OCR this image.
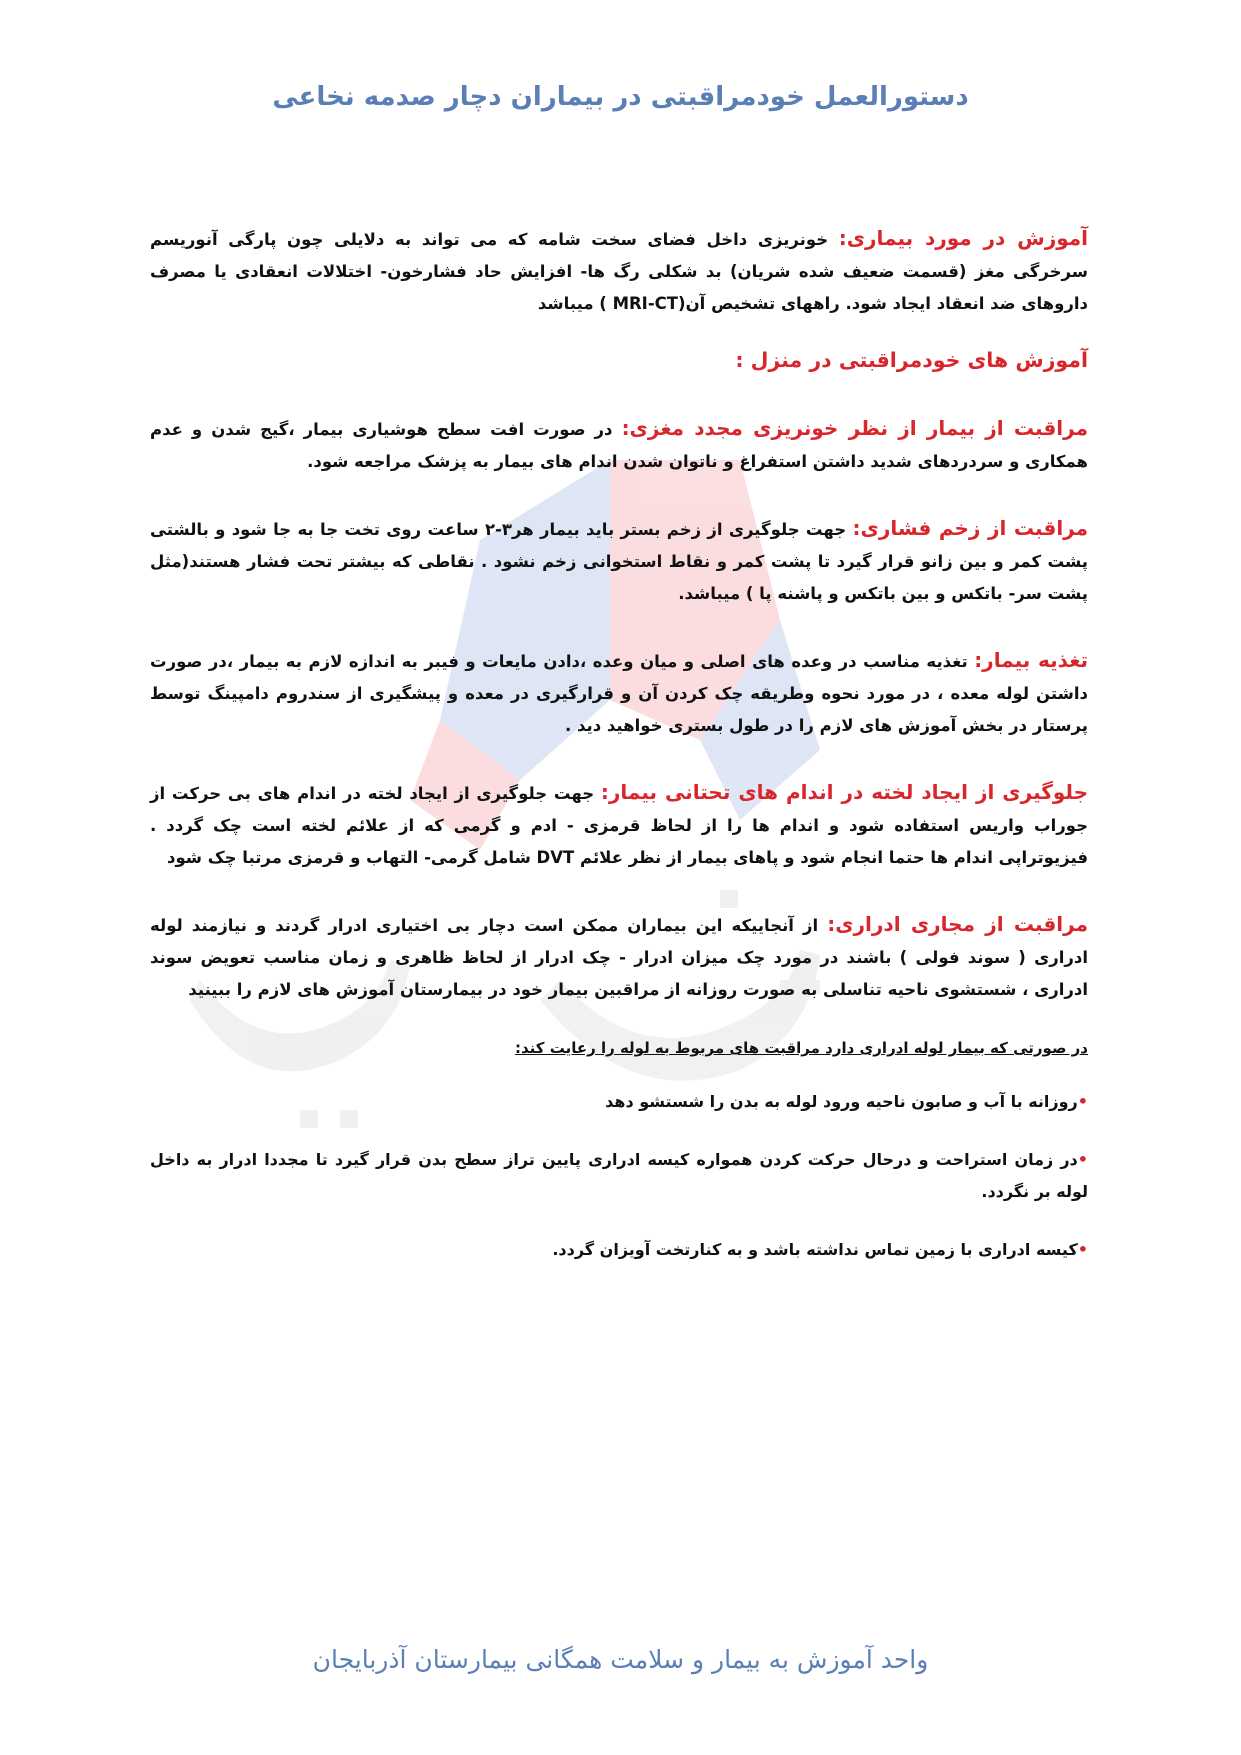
دستورالعمل خودمراقبتی در بیماران دچار صدمه نخاعی

آموزش در مورد بیماری: خونریزی داخل فضای سخت شامه که می تواند به دلایلی چون پارگی آنوریسم سرخرگی مغز (قسمت ضعیف شده شریان) بد شکلی رگ ها- افزایش حاد فشارخون- اختلالات انعقادی یا مصرف داروهای ضد انعقاد ایجاد شود. راههای تشخیص آن(MRI-CT ) میباشد

آموزش های خودمراقبتی در منزل :

مراقبت از بیمار از نظر خونریزی مجدد مغزی: در صورت افت سطح هوشیاری بیمار ،گیج شدن و عدم همکاری و سردردهای شدید داشتن استفراغ و ناتوان شدن اندام های بیمار به پزشک مراجعه شود.

مراقبت از زخم فشاری: جهت جلوگیری از زخم بستر باید بیمار هر۳-۲ ساعت روی تخت جا به جا شود و بالشتی پشت کمر و بین زانو قرار گیرد تا پشت کمر و نقاط استخوانی زخم نشود . نقاطی که بیشتر تحت فشار هستند(مثل پشت سر- باتکس و بین باتکس و پاشنه پا ) میباشد.

تغذیه بیمار: تغذیه مناسب در وعده های اصلی و میان وعده ،دادن مایعات و فیبر به اندازه لازم به بیمار ،در صورت داشتن لوله معده ، در مورد نحوه وطریقه چک کردن آن و قرارگیری در معده و پیشگیری از سندروم دامپینگ توسط پرستار در بخش آموزش های لازم را در طول بستری خواهید دید .

جلوگیری از ایجاد لخته در اندام های تحتانی بیمار: جهت جلوگیری از ایجاد لخته در اندام های بی حرکت از جوراب واریس استفاده شود و اندام ها را از لحاظ قرمزی - ادم و گرمی که از علائم لخته است چک گردد . فیزیوتراپی اندام ها حتما انجام شود و پاهای بیمار از نظر علائم DVT شامل گرمی- التهاب و قرمزی مرتبا چک شود

مراقبت از مجاری ادراری: از آنجاییکه این بیماران ممکن است دچار بی اختیاری ادرار گردند و نیازمند لوله ادراری ( سوند فولی ) باشند در مورد چک میزان ادرار - چک ادرار از لحاظ ظاهری و زمان مناسب تعویض سوند ادراری ، شستشوی ناحیه تناسلی به صورت روزانه از مراقبین بیمار خود در بیمارستان آموزش های لازم را ببینید

در صورتی که بیمار لوله ادراری دارد مراقبت های مربوط به لوله را رعایت کند:

•روزانه با آب و صابون ناحیه ورود لوله به بدن را شستشو دهد

•در زمان استراحت و درحال حرکت کردن همواره کیسه ادراری پایین تراز سطح بدن قرار گیرد تا مجددا ادرار به داخل لوله بر نگردد.

•کیسه ادراری با زمین تماس نداشته باشد و به کنارتخت آویزان گردد.

واحد آموزش به بیمار و سلامت همگانی بیمارستان آذربایجان
